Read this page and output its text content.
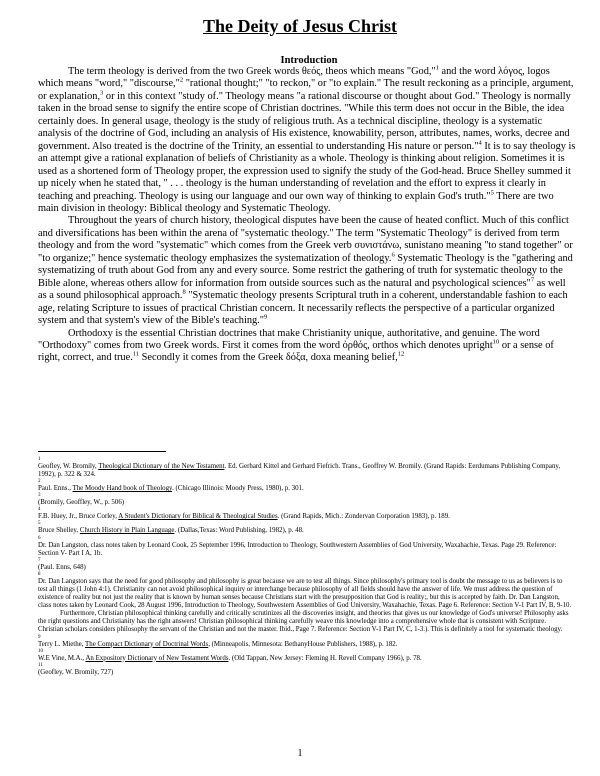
The Deity of Jesus Christ
Introduction

The term theology is derived from the two Greek words θεός, theos which means "God,"$^1$ and the word λόγος, logos which means "word," "discourse,"$^2$ "rational thought;" "to reckon," or "to explain." The result reckoning as a principle, argument, or explanation,$^3$ or in this context "study of." Theology means "a rational discourse or thought about God." Theology is normally taken in the broad sense to signify the entire scope of Christian doctrines. "While this term does not occur in the Bible, the idea certainly does. In general usage, theology is the study of religious truth. As a technical discipline, theology is a systematic analysis of the doctrine of God, including an analysis of His existence, knowability, person, attributes, names, works, decree and government. Also treated is the doctrine of the Trinity, an essential to understanding His nature or person."$^4$ It is to say theology is an attempt give a rational explanation of beliefs of Christianity as a whole. Theology is thinking about religion. Sometimes it is used as a shortened form of Theology proper, the expression used to signify the study of the God-head. Bruce Shelley summed it up nicely when he stated that, " . . . theology is the human understanding of revelation and the effort to express it clearly in teaching and preaching. Theology is using our language and our own way of thinking to explain God's truth."$^5$ There are two main division in theology: Biblical theology and Systematic Theology.

Throughout the years of church history, theological disputes have been the cause of heated conflict. Much of this conflict and diversifications has been within the arena of "systematic theology." The term "Systematic Theology" is derived from term theology and from the word "systematic" which comes from the Greek verb συνιστάνω, sunistano meaning "to stand together" or "to organize;" hence systematic theology emphasizes the systematization of theology.$^6$ Systematic Theology is the "gathering and systematizing of truth about God from any and every source. Some restrict the gathering of truth for systematic theology to the Bible alone, whereas others allow for information from outside sources such as the natural and psychological sciences"$^7$ as well as a sound philosophical approach.$^8$ "Systematic theology presents Scriptural truth in a coherent, understandable fashion to each age, relating Scripture to issues of practical Christian concern. It necessarily reflects the perspective of a particular organized system and that system's view of the Bible's teaching."$^9$

Orthodoxy is the essential Christian doctrines that make Christianity unique, authoritative, and genuine. The word "Orthodoxy" comes from two Greek words. First it comes from the word ὀρθός, orthos which denotes upright$^{10}$ or a sense of right, correct, and true.$^{11}$ Secondly it comes from the Greek δόξα, doxa meaning belief,$^{12}$

1
Geofley, W. Bromily, Theological Dictionary of the New Testament. Ed. Gerhard Kittel and Gerhard Fiefrich. Trans., Geoffrey W. Bromily. (Grand Rapids: Eerdumans Publishing Company, 1992), p. 322 & 324.
2
Paul. Enns., The Moody Hand book of Theology. (Chicago Illinois: Moody Press, 1980), p. 301.
3
(Bromily, Geoffley, W., p. 506)
4
F.B. Huey, Jr., Bruce Corley, A Student's Dictionary for Biblical & Theological Studies. (Grand Rapids, Mich.: Zondervan Corporation 1983), p. 189.
5
Bruce Shelley, Church History in Plain Language. (Dallas,Texas: Word Publishing, 1982), p. 48.
6
Dr. Dan Langston, class notes taken by Leonard Cook, 25 September 1996, Introduction to Theology, Southwestern Assemblies of God University, Waxahachie, Texas. Page 29. Reference: Section V- Part I A, 1b.
7
(Paul. Enns, 648)
8
Dr. Dan Langston says that the need for good philosophy and philosophy is great because we are to test all things. Since philosophy's primary tool is doubt the message to us as believers is to test all things (1 John 4:1). Christianity can not avoid philosophical inquiry or interchange because philosophy of all fields should have the answer of life. We must address the question of existence of reality but not just the reality that is known by human senses because Christians start with the presupposition that God is reality;, but this is accepted by faith. Dr. Dan Langston, class notes taken by Leonard Cook, 28 August 1996, Introduction to Theology, Southwestern Assemblies of God University, Waxahachie, Texas. Page 6. Reference: Section V-1 Part IV, B, 9-10.
Furthermore, Christian philosophical thinking carefully and critically scrutinizes all the discoveries insight, and theories that gives us our knowledge of God's universe! Philosophy asks the right questions and Christianity has the right answers! Christian philosophical thinking carefully weave this knowledge into a comprehensive whole that is consistent with Scripture. Christian scholars considers philosophy the servant of the Christian and not the master. Ibid., Page 7. Reference: Section V-1 Part IV, C, 1-3.). This is definitely a tool for systematic theology.
9
Terry L. Miethe, The Compact Dictionary of Doctrinal Words, (Minneapolis, Minnesota: BethanyHouse Publishers, 1988), p. 182.
10
W.E Vine, M.A., An Expository Dictionary of New Testament Words. (Old Tappan, New Jersey: Fleming H. Revell Company 1966), p. 78.
11
(Geofley, W. Bromily, 727)
1
